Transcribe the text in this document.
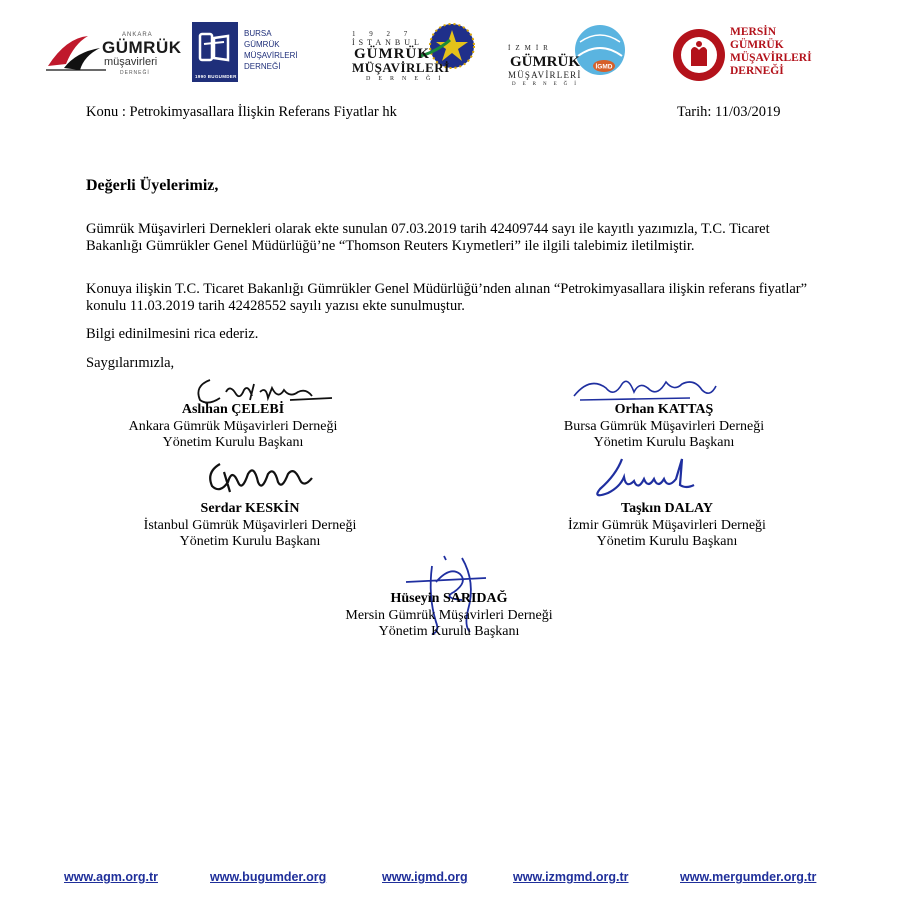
ANKARA
GÜMRÜK
müşavirleri
DERNEĞİ
1990 BUGUMDER
BURSA
GÜMRÜK
MÜŞAVİRLERİ
DERNEĞİ
1 9 2 7
İSTANBUL
GÜMRÜK
MÜŞAVİRLERİ
DERNEĞİ
İGMD
İZMİR
GÜMRÜK
MÜŞAVİRLERİ
DERNEĞİ
MERSİN
GÜMRÜK
MÜŞAVİRLERİ
DERNEĞİ
Konu : Petrokimyasallara İlişkin Referans Fiyatlar hk	Tarih: 11/03/2019
Değerli Üyelerimiz,
Gümrük Müşavirleri Dernekleri olarak ekte sunulan 07.03.2019 tarih 42409744 sayı ile kayıtlı yazımızla, T.C. Ticaret Bakanlığı Gümrükler Genel Müdürlüğü’ne “Thomson Reuters Kıymetleri” ile ilgili talebimiz iletilmiştir.
Konuya ilişkin T.C. Ticaret Bakanlığı Gümrükler Genel Müdürlüğü’nden alınan “Petrokimyasallara ilişkin referans fiyatlar” konulu 11.03.2019 tarih 42428552 sayılı yazısı ekte sunulmuştur.
Bilgi edinilmesini rica ederiz.
Saygılarımızla,
Aslıhan ÇELEBİ
Ankara Gümrük Müşavirleri Derneği
Yönetim Kurulu Başkanı
Orhan KATTAŞ
Bursa Gümrük Müşavirleri Derneği
Yönetim Kurulu Başkanı
Serdar KESKİN
İstanbul Gümrük Müşavirleri Derneği
Yönetim Kurulu Başkanı
Taşkın DALAY
İzmir Gümrük Müşavirleri Derneği
Yönetim Kurulu Başkanı
Hüseyin SARIDAĞ
Mersin Gümrük Müşavirleri Derneği
Yönetim Kurulu Başkanı
www.agm.org.tr	www.bugumder.org	www.igmd.org	www.izmgmd.org.tr	www.mergumder.org.tr
